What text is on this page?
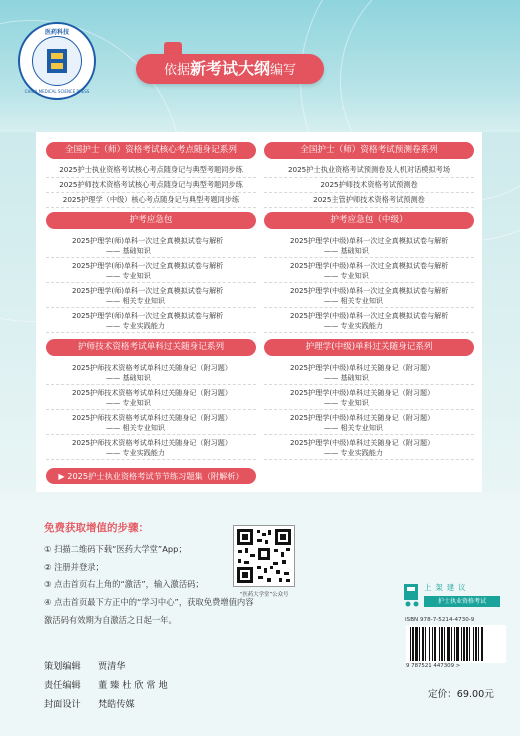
医药科技
CHINA MEDICAL SCIENCE PRESS
依据新考试大纲编写
全国护士（师）资格考试核心考点随身记系列
2025护士执业资格考试核心考点随身记与典型考题同步练
2025护师技术资格考试核心考点随身记与典型考题同步练
2025护理学（中级）核心考点随身记与典型考题同步练
护考应急包
2025护理学(师)单科一次过全真模拟试卷与解析
—— 基础知识
2025护理学(师)单科一次过全真模拟试卷与解析
—— 专业知识
2025护理学(师)单科一次过全真模拟试卷与解析
—— 相关专业知识
2025护理学(师)单科一次过全真模拟试卷与解析
—— 专业实践能力
护师技术资格考试单科过关随身记系列
2025护师技术资格考试单科过关随身记（附习题）
—— 基础知识
2025护师技术资格考试单科过关随身记（附习题）
—— 专业知识
2025护师技术资格考试单科过关随身记（附习题）
—— 相关专业知识
2025护师技术资格考试单科过关随身记（附习题）
—— 专业实践能力
全国护士（师）资格考试预测卷系列
2025护士执业资格考试预测卷及人机对话模拟考场
2025护师技术资格考试预测卷
2025主管护师技术资格考试预测卷
护考应急包（中级）
2025护理学(中级)单科一次过全真模拟试卷与解析
—— 基础知识
2025护理学(中级)单科一次过全真模拟试卷与解析
—— 专业知识
2025护理学(中级)单科一次过全真模拟试卷与解析
—— 相关专业知识
2025护理学(中级)单科一次过全真模拟试卷与解析
—— 专业实践能力
护理学(中级)单科过关随身记系列
2025护理学(中级)单科过关随身记（附习题）
—— 基础知识
2025护理学(中级)单科过关随身记（附习题）
—— 专业知识
2025护理学(中级)单科过关随身记（附习题）
—— 相关专业知识
2025护理学(中级)单科过关随身记（附习题）
—— 专业实践能力
▶ 2025护士执业资格考试节节练习题集（附解析）
免费获取增值的步骤：
① 扫描二维码下载“医药大学堂”App；
② 注册并登录；
③ 点击首页右上角的“激活”，输入激活码；
④ 点击首页最下方正中的“学习中心”，获取免费增值内容
激活码有效期为自激活之日起一年。
“医药大学堂”公众号
上架建议
护士执业资格考试
ISBN 978-7-5214-4730-9
9 787521 447309 >
定价：69.00元
策划编辑 贾清华
责任编辑 董 臻 杜 欣 常 地
封面设计 梵皓传媒
